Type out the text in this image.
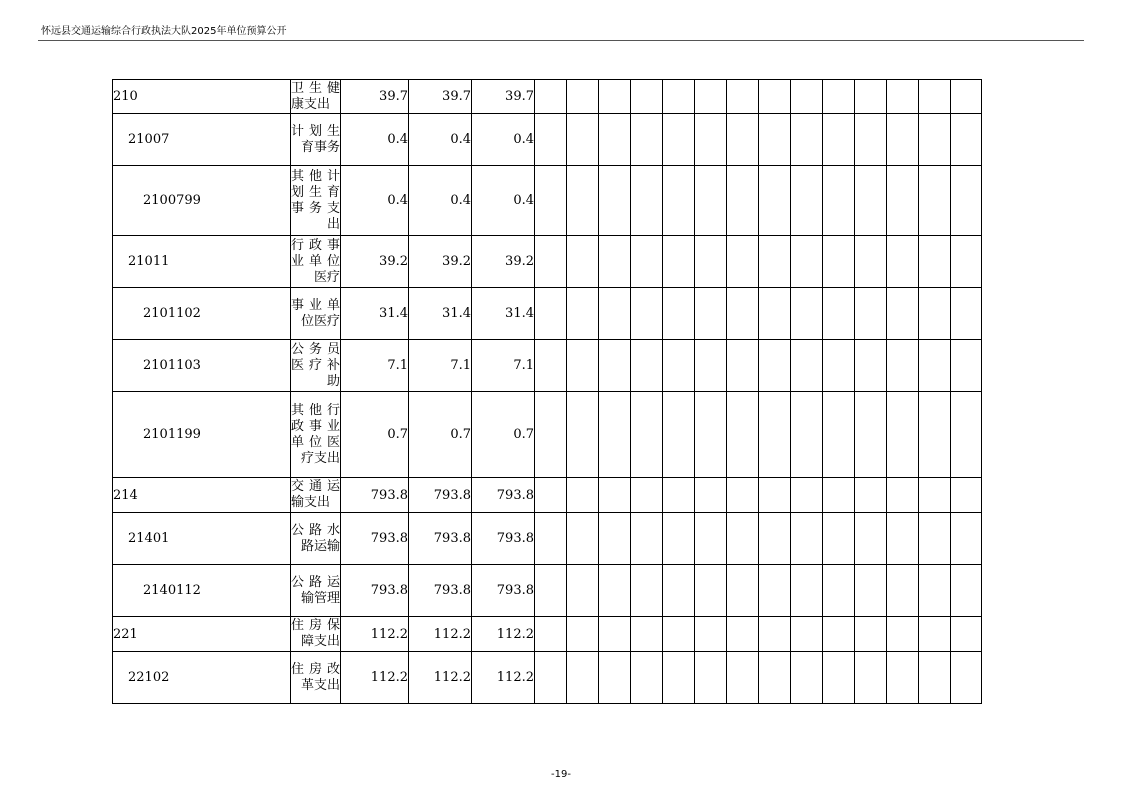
怀远县交通运输综合行政执法大队2025年单位预算公开
210	卫生健康支出	39.7	39.7	39.7														
21007	计划生育事务	0.4	0.4	0.4														
2100799	其他计划生育事务支出	0.4	0.4	0.4														
21011	行政事业单位医疗	39.2	39.2	39.2														
2101102	事业单位医疗	31.4	31.4	31.4														
2101103	公务员医疗补助	7.1	7.1	7.1														
2101199	其他行政事业单位医疗支出	0.7	0.7	0.7														
214	交通运输支出	793.8	793.8	793.8														
21401	公路水路运输	793.8	793.8	793.8														
2140112	公路运输管理	793.8	793.8	793.8														
221	住房保障支出	112.2	112.2	112.2														
22102	住房改革支出	112.2	112.2	112.2														
-19-
